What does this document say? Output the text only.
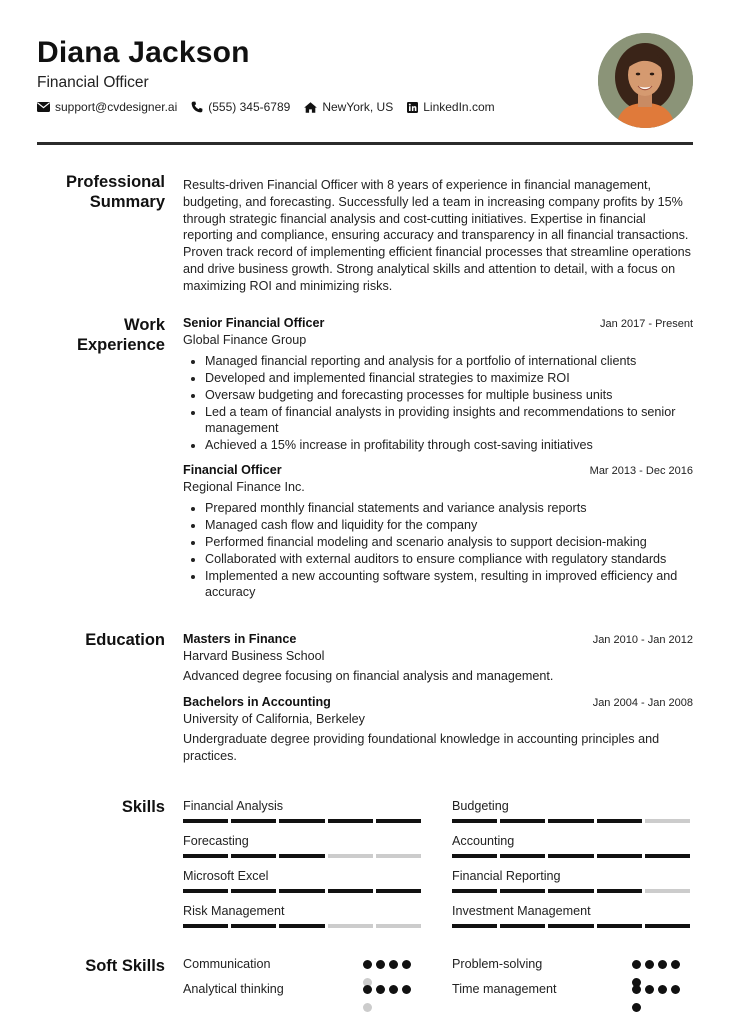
Diana Jackson
Financial Officer
support@cvdesigner.ai	(555) 345-6789	NewYork, US	LinkedIn.com
Professional
Summary

Results-driven Financial Officer with 8 years of experience in financial management, budgeting, and forecasting. Successfully led a team in increasing company profits by 15% through strategic financial analysis and cost-cutting initiatives. Expertise in financial reporting and compliance, ensuring accuracy and transparency in all financial transactions. Proven track record of implementing efficient financial processes that streamline operations and drive business growth. Strong analytical skills and attention to detail, with a focus on maximizing ROI and minimizing risks.

Work
Experience
Senior Financial Officer	Jan 2017 - Present
Global Finance Group
• Managed financial reporting and analysis for a portfolio of international clients
• Developed and implemented financial strategies to maximize ROI
• Oversaw budgeting and forecasting processes for multiple business units
• Led a team of financial analysts in providing insights and recommendations to senior management
• Achieved a 15% increase in profitability through cost-saving initiatives
Financial Officer	Mar 2013 - Dec 2016
Regional Finance Inc.
• Prepared monthly financial statements and variance analysis reports
• Managed cash flow and liquidity for the company
• Performed financial modeling and scenario analysis to support decision-making
• Collaborated with external auditors to ensure compliance with regulatory standards
• Implemented a new accounting software system, resulting in improved efficiency and accuracy
Education Masters in Finance	Jan 2010 - Jan 2012
Harvard Business School
Advanced degree focusing on financial analysis and management.
Bachelors in Accounting	Jan 2004 - Jan 2008
University of California, Berkeley
Undergraduate degree providing foundational knowledge in accounting principles and practices.
Skills Financial Analysis	Budgeting
Forecasting	Accounting
Microsoft Excel	Financial Reporting
Risk Management	Investment Management
Soft Skills Communication	Problem-solving
Analytical thinking	Time management
